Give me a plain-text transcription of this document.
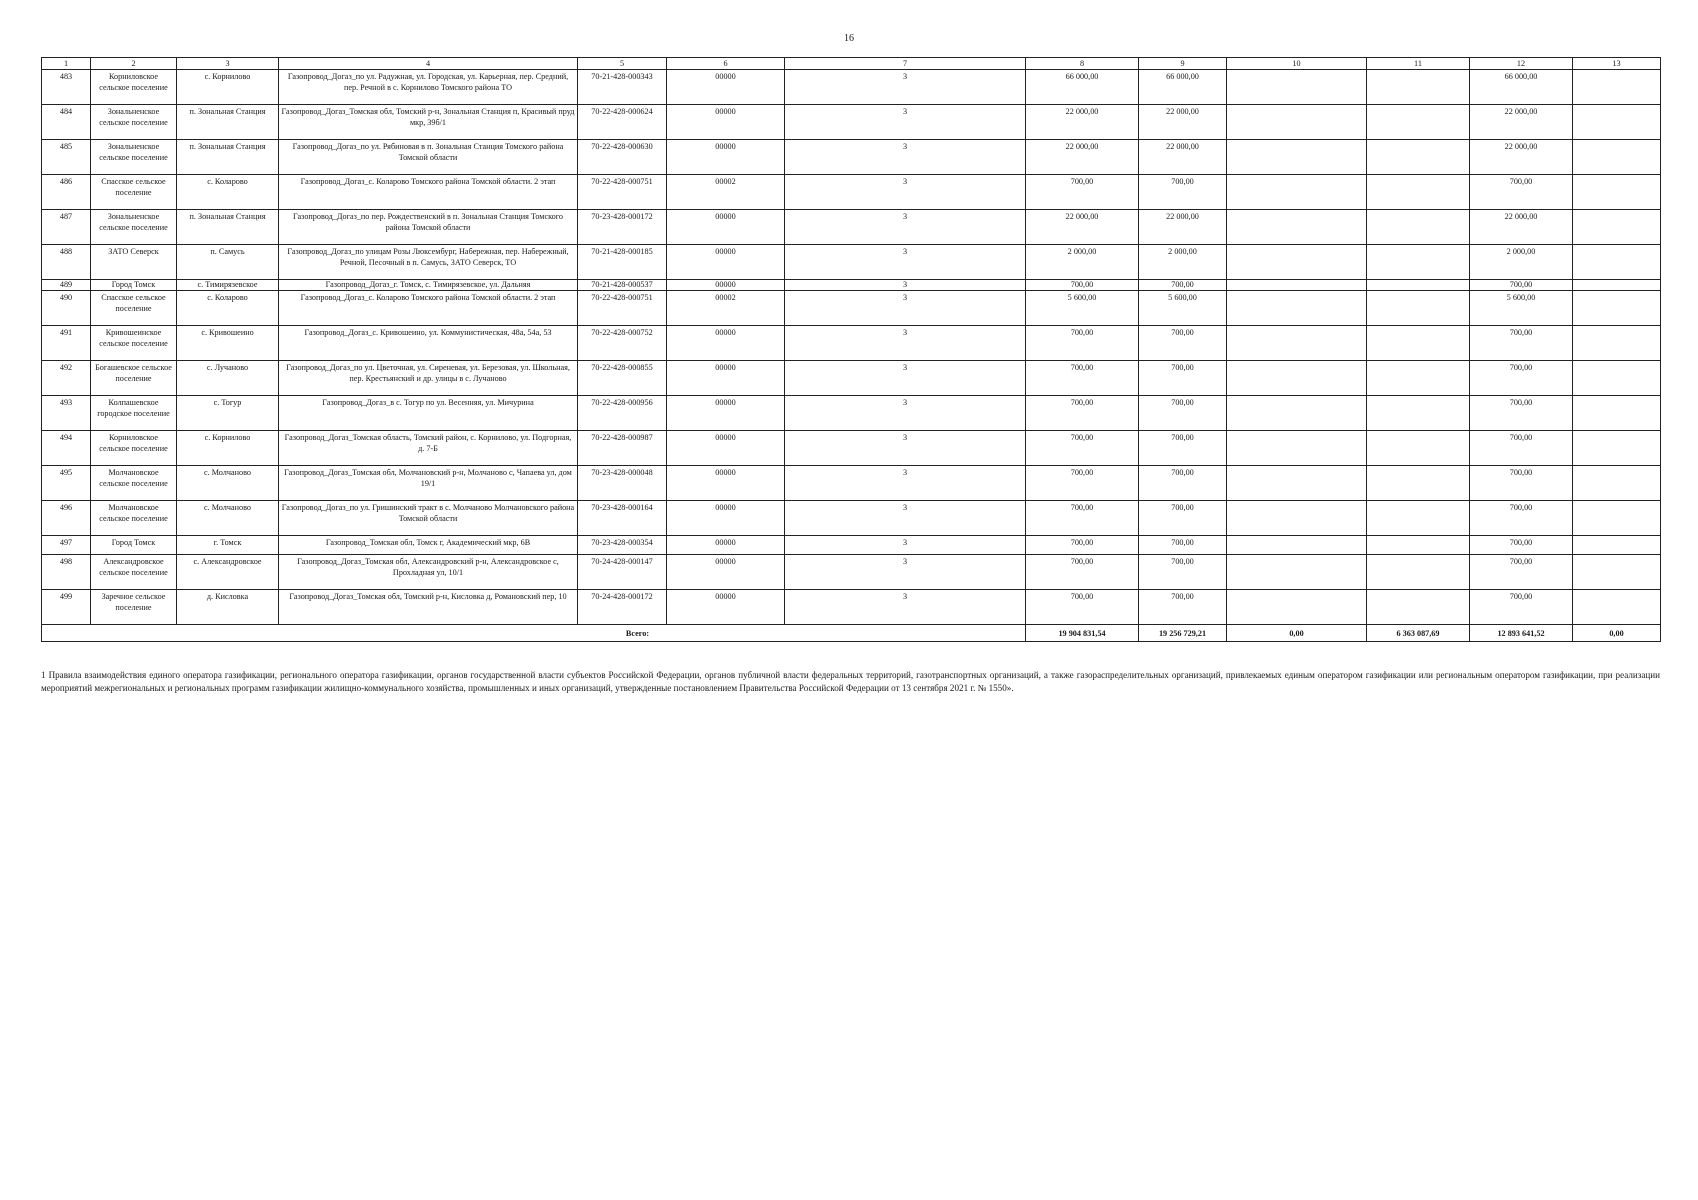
16
1	2	3	4	5	6	7	8	9	10	11	12	13
483	Корниловское сельское поселение	с. Корнилово	Газопровод_Догаз_по ул. Радужная, ул. Городская, ул. Карьерная, пер. Средний, пер. Речной в с. Корнилово Томского района ТО	70-21-428-000343	00000	3	66 000,00	66 000,00			66 000,00	
484	Зональненское сельское поселение	п. Зональная Станция	Газопровод_Догаз_Томская обл, Томский р-н, Зональная Станция п, Красивый пруд мкр, 39б/1	70-22-428-000624	00000	3	22 000,00	22 000,00			22 000,00	
485	Зональненское сельское поселение	п. Зональная Станция	Газопровод_Догаз_по ул. Рябиновая в п. Зональная Станция Томского района Томской области	70-22-428-000630	00000	3	22 000,00	22 000,00			22 000,00	
486	Спасское сельское поселение	с. Коларово	Газопровод_Догаз_с. Коларово Томского района Томской области. 2 этап	70-22-428-000751	00002	3	700,00	700,00			700,00	
487	Зональненское сельское поселение	п. Зональная Станция	Газопровод_Догаз_по пер. Рождественский в п. Зональная Станция Томского района Томской области	70-23-428-000172	00000	3	22 000,00	22 000,00			22 000,00	
488	ЗАТО Северск	п. Самусь	Газопровод_Догаз_по улицам Розы Люксембург, Набережная, пер. Набережный, Речной, Песочный в п. Самусь, ЗАТО Северск, ТО	70-21-428-000185	00000	3	2 000,00	2 000,00			2 000,00	
489	Город Томск	с. Тимирязевское	Газопровод_Догаз_г. Томск, с. Тимирязевское, ул. Дальняя	70-21-428-000537	00000	3	700,00	700,00			700,00	
490	Спасское сельское поселение	с. Коларово	Газопровод_Догаз_с. Коларово Томского района Томской области. 2 этап	70-22-428-000751	00002	3	5 600,00	5 600,00			5 600,00	
491	Кривошеинское сельское поселение	с. Кривошеино	Газопровод_Догаз_с. Кривошеино, ул. Коммунистическая, 48а, 54а, 53	70-22-428-000752	00000	3	700,00	700,00			700,00	
492	Богашевское сельское поселение	с. Лучаново	Газопровод_Догаз_по ул. Цветочная, ул. Сиреневая, ул. Березовая, ул. Школьная, пер. Крестьянский и др. улицы в с. Лучаново	70-22-428-000855	00000	3	700,00	700,00			700,00	
493	Колпашевское городское поселение	с. Тогур	Газопровод_Догаз_в с. Тогур по ул. Весенняя, ул. Мичурина	70-22-428-000956	00000	3	700,00	700,00			700,00	
494	Корниловское сельское поселение	с. Корнилово	Газопровод_Догаз_Томская область, Томский район, с. Корнилово, ул. Подгорная, д. 7-Б	70-22-428-000987	00000	3	700,00	700,00			700,00	
495	Молчановское сельское поселение	с. Молчаново	Газопровод_Догаз_Томская обл, Молчановский р-н, Молчаново с, Чапаева ул, дом 19/1	70-23-428-000048	00000	3	700,00	700,00			700,00	
496	Молчановское сельское поселение	с. Молчаново	Газопровод_Догаз_по ул. Гришинский тракт в с. Молчаново Молчановского района Томской области	70-23-428-000164	00000	3	700,00	700,00			700,00	
497	Город Томск	г. Томск	Газопровод_Томская обл, Томск г, Академический мкр, 6В	70-23-428-000354	00000	3	700,00	700,00			700,00	
498	Александровское сельское поселение	с. Александровское	Газопровод_Догаз_Томская обл, Александровский р-н, Александровское с, Прохладная ул, 10/1	70-24-428-000147	00000	3	700,00	700,00			700,00	
499	Заречное сельское поселение	д. Кисловка	Газопровод_Догаз_Томская обл, Томский р-н, Кисловка д, Романовский пер, 10	70-24-428-000172	00000	3	700,00	700,00			700,00	
Всего:							19 904 831,54	19 256 729,21	0,00	6 363 087,69	12 893 641,52	0,00
1 Правила взаимодействия единого оператора газификации, регионального оператора газификации, органов государственной власти субъектов Российской Федерации, органов публичной власти федеральных территорий, газотранспортных организаций, а также газораспределительных организаций, привлекаемых единым оператором газификации или региональным оператором газификации, при реализации мероприятий межрегиональных и региональных программ газификации жилищно-коммунального хозяйства, промышленных и иных организаций, утвержденные постановлением Правительства Российской Федерации от 13 сентября 2021 г. № 1550».
